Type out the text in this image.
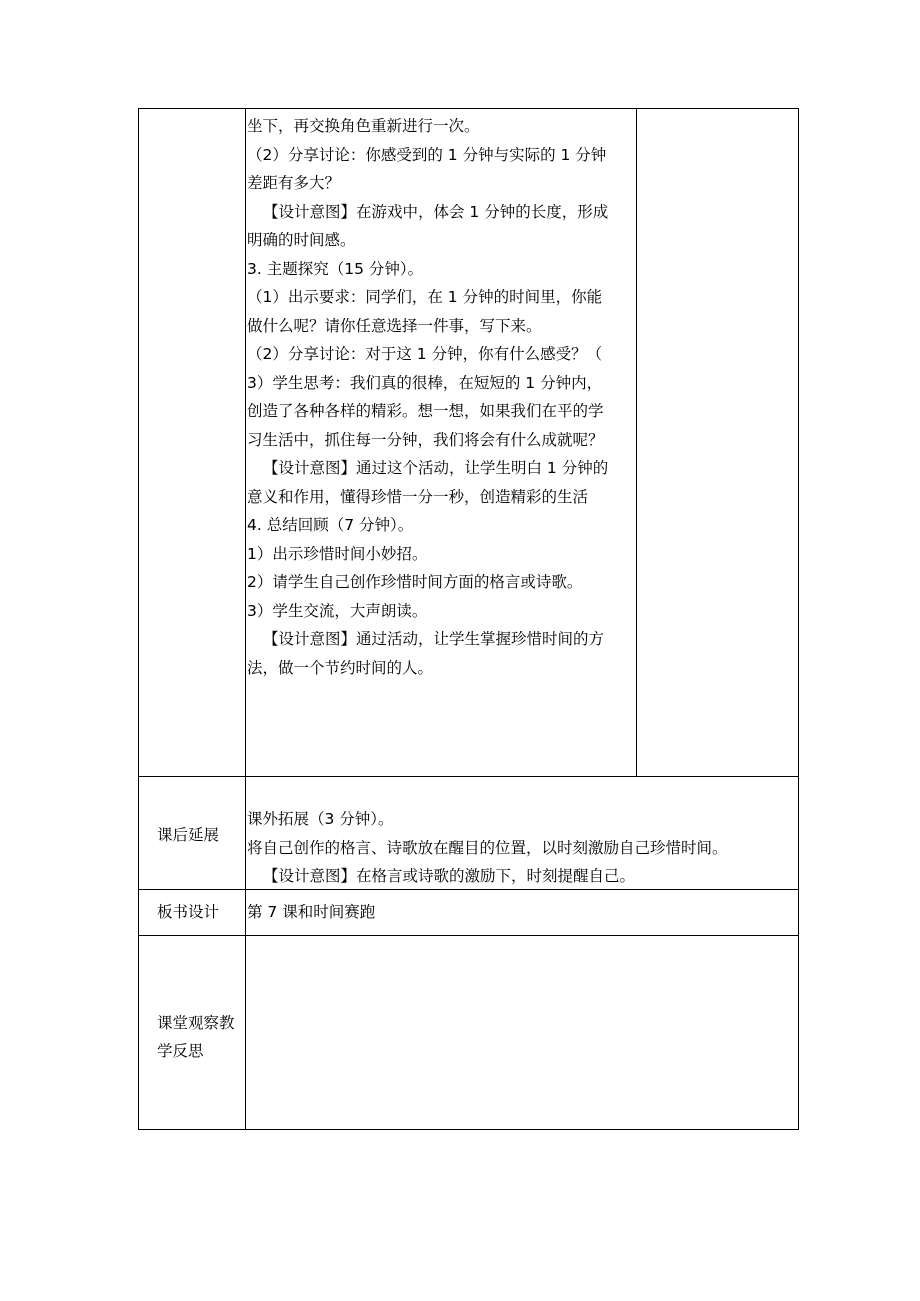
坐下，再交换角色重新进行一次。
（2）分享讨论：你感受到的 1 分钟与实际的 1 分钟
差距有多大？
【设计意图】在游戏中，体会 1 分钟的长度，形成
明确的时间感。
3. 主题探究（15 分钟）。
（1）出示要求：同学们，在 1 分钟的时间里，你能
做什么呢？请你任意选择一件事，写下来。
（2）分享讨论：对于这 1 分钟，你有什么感受？（
3）学生思考：我们真的很棒，在短短的 1 分钟内，
创造了各种各样的精彩。想一想，如果我们在平的学
习生活中，抓住每一分钟，我们将会有什么成就呢？
【设计意图】通过这个活动，让学生明白 1 分钟的
意义和作用，懂得珍惜一分一秒，创造精彩的生活
4. 总结回顾（7 分钟）。
1）出示珍惜时间小妙招。
2）请学生自己创作珍惜时间方面的格言或诗歌。
3）学生交流，大声朗读。
【设计意图】通过活动，让学生掌握珍惜时间的方
法，做一个节约时间的人。
课后延展
课外拓展（3 分钟）。
将自己创作的格言、诗歌放在醒目的位置，以时刻激励自己珍惜时间。
【设计意图】在格言或诗歌的激励下，时刻提醒自己。
板书设计 第 7 课和时间赛跑
课堂观察教
学反思
